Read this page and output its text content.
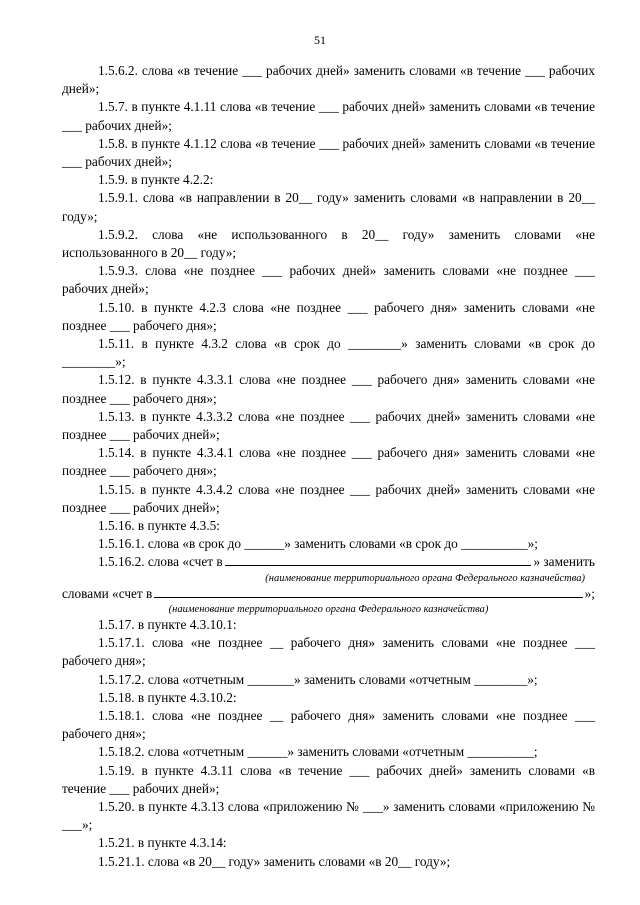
51

1.5.6.2. слова «в течение ___ рабочих дней» заменить словами «в течение ___ рабочих дней»;

1.5.7. в пункте 4.1.11 слова «в течение ___ рабочих дней» заменить словами «в течение ___ рабочих дней»;

1.5.8. в пункте 4.1.12 слова «в течение ___ рабочих дней» заменить словами «в течение ___ рабочих дней»;

1.5.9. в пункте 4.2.2:

1.5.9.1. слова «в направлении в 20__ году» заменить словами «в направлении в 20__ году»;

1.5.9.2. слова «не использованного в 20__ году» заменить словами «не использованного в 20__ году»;

1.5.9.3. слова «не позднее ___ рабочих дней» заменить словами «не позднее ___ рабочих дней»;

1.5.10. в пункте 4.2.3 слова «не позднее ___ рабочего дня» заменить словами «не позднее ___ рабочего дня»;

1.5.11. в пункте 4.3.2 слова «в срок до ________» заменить словами «в срок до ________»;

1.5.12. в пункте 4.3.3.1 слова «не позднее ___ рабочего дня» заменить словами «не позднее ___ рабочего дня»;

1.5.13. в пункте 4.3.3.2 слова «не позднее ___ рабочих дней» заменить словами «не позднее ___ рабочих дней»;

1.5.14. в пункте 4.3.4.1 слова «не позднее ___ рабочего дня» заменить словами «не позднее ___ рабочего дня»;

1.5.15. в пункте 4.3.4.2 слова «не позднее ___ рабочих дней» заменить словами «не позднее ___ рабочих дней»;

1.5.16. в пункте 4.3.5:

1.5.16.1. слова «в срок до ______» заменить словами «в срок до __________»;

1.5.16.2. слова «счет в	» заменить

(наименование территориального органа Федерального казначейства)

словами «счет в	»;

(наименование территориального органа Федерального казначейства)

1.5.17. в пункте 4.3.10.1:

1.5.17.1. слова «не позднее __ рабочего дня» заменить словами «не позднее ___ рабочего дня»;

1.5.17.2. слова «отчетным _______» заменить словами «отчетным ________»;

1.5.18. в пункте 4.3.10.2:

1.5.18.1. слова «не позднее __ рабочего дня» заменить словами «не позднее ___ рабочего дня»;

1.5.18.2. слова «отчетным ______» заменить словами «отчетным __________;

1.5.19. в пункте 4.3.11 слова «в течение ___ рабочих дней» заменить словами «в течение ___ рабочих дней»;

1.5.20. в пункте 4.3.13 слова «приложению № ___» заменить словами «приложению № ___»;

1.5.21. в пункте 4.3.14:

1.5.21.1. слова «в 20__ году» заменить словами «в 20__ году»;
